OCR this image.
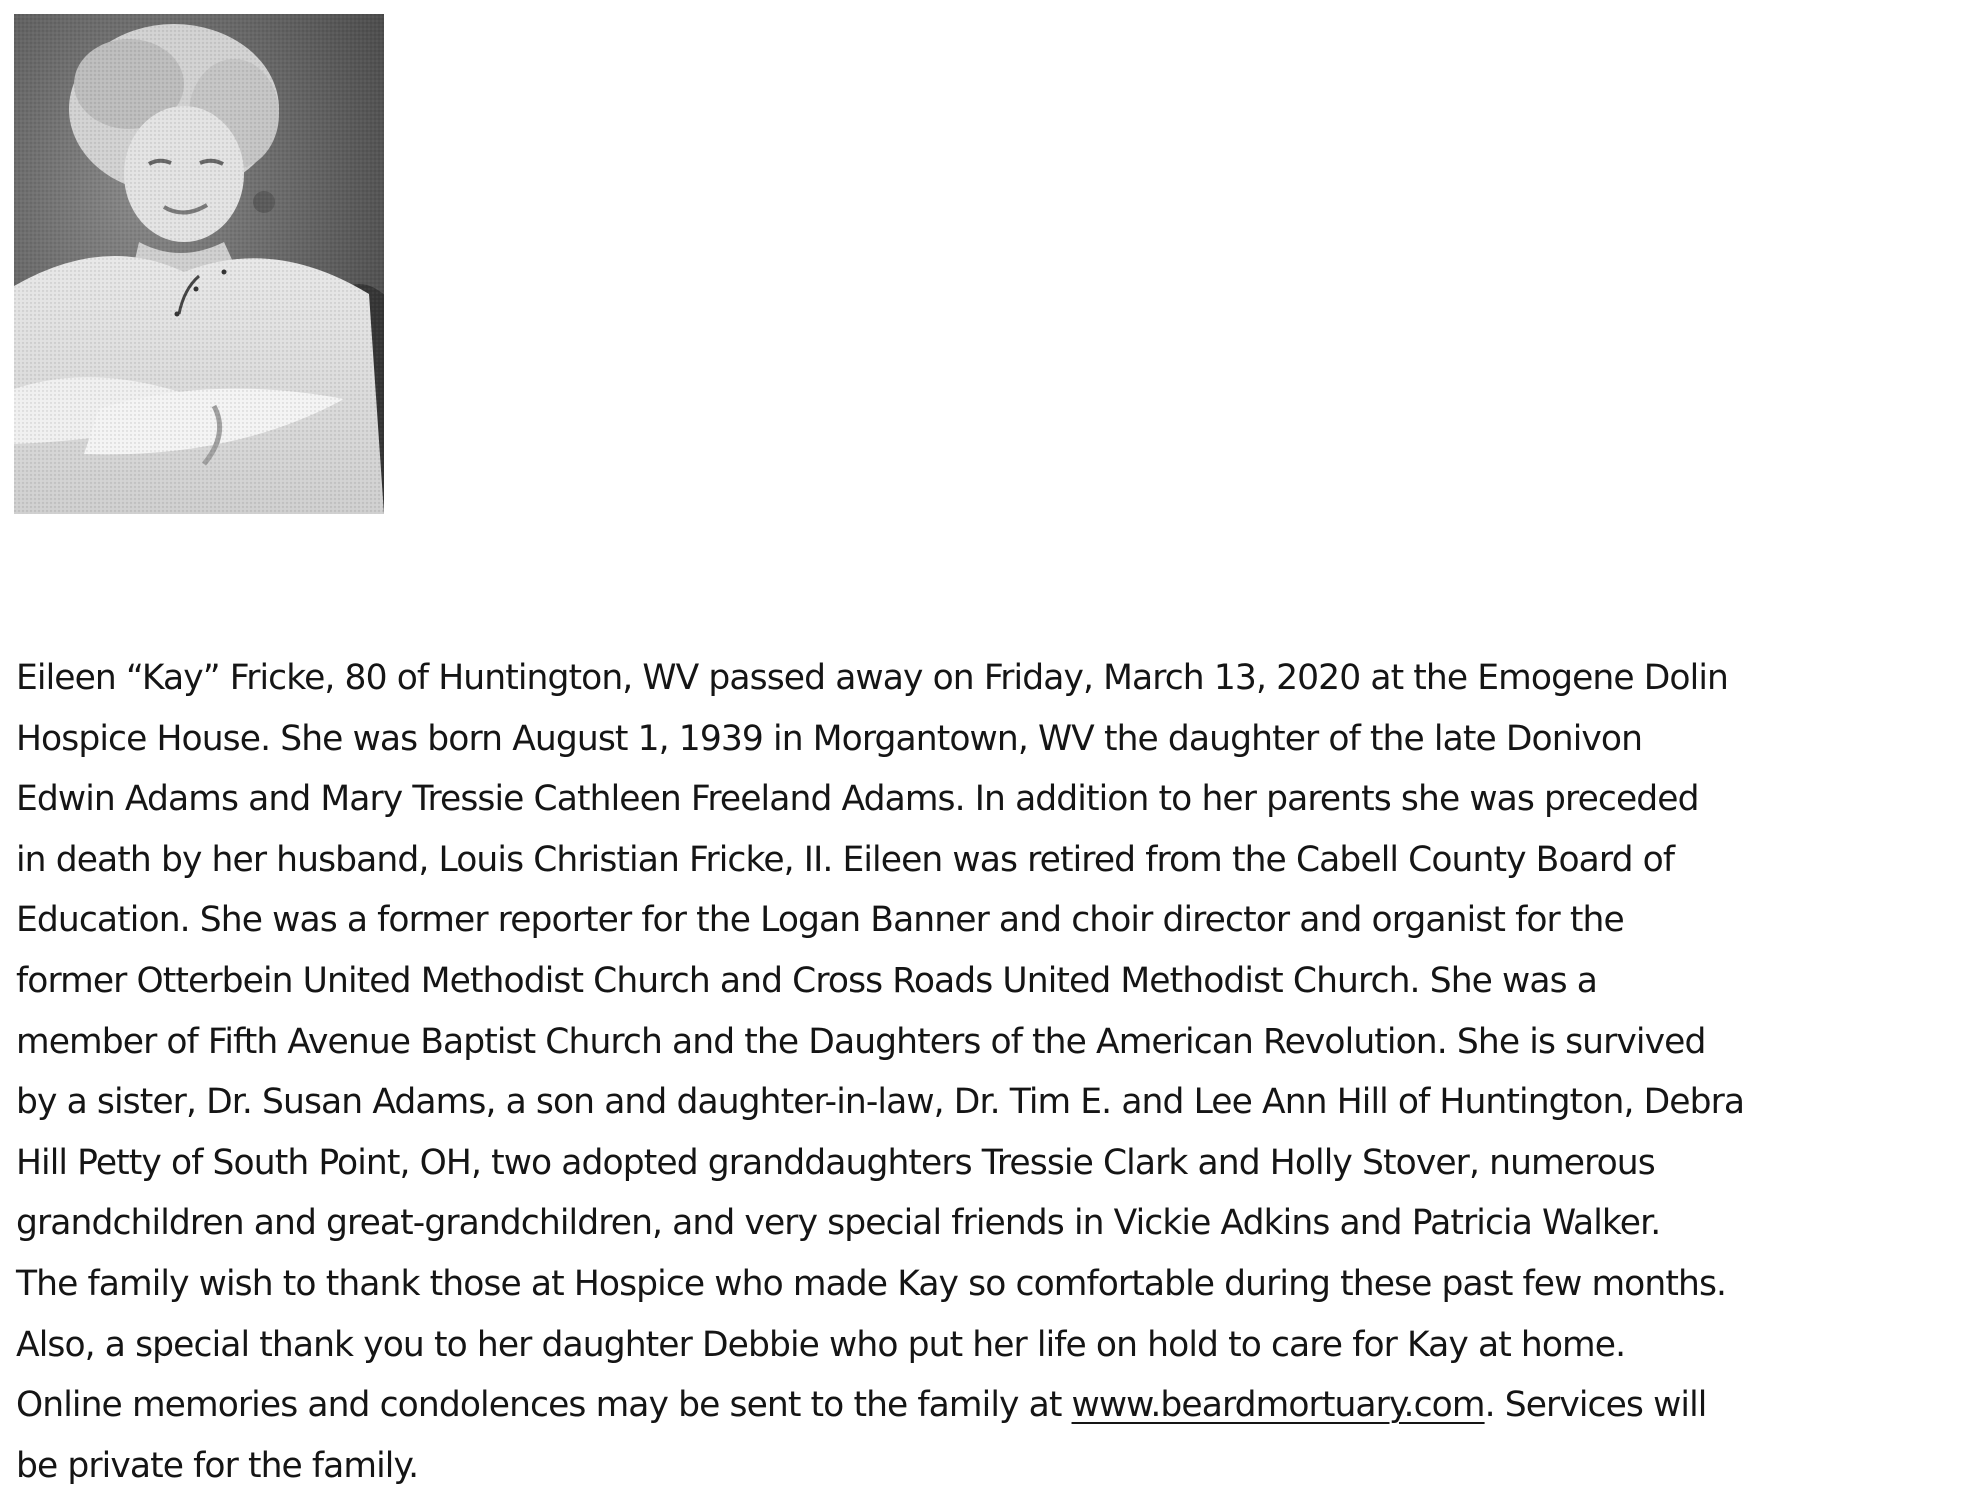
Eileen “Kay” Fricke, 80 of Huntington, WV passed away on Friday, March 13, 2020 at the Emogene Dolin
Hospice House. She was born August 1, 1939 in Morgantown, WV the daughter of the late Donivon
Edwin Adams and Mary Tressie Cathleen Freeland Adams. In addition to her parents she was preceded
in death by her husband, Louis Christian Fricke, II. Eileen was retired from the Cabell County Board of
Education. She was a former reporter for the Logan Banner and choir director and organist for the
former Otterbein United Methodist Church and Cross Roads United Methodist Church. She was a
member of Fifth Avenue Baptist Church and the Daughters of the American Revolution. She is survived
by a sister, Dr. Susan Adams, a son and daughter-in-law, Dr. Tim E. and Lee Ann Hill of Huntington, Debra
Hill Petty of South Point, OH, two adopted granddaughters Tressie Clark and Holly Stover, numerous
grandchildren and great-grandchildren, and very special friends in Vickie Adkins and Patricia Walker.
The family wish to thank those at Hospice who made Kay so comfortable during these past few months.
Also, a special thank you to her daughter Debbie who put her life on hold to care for Kay at home.
Online memories and condolences may be sent to the family at www.beardmortuary.com. Services will
be private for the family.
